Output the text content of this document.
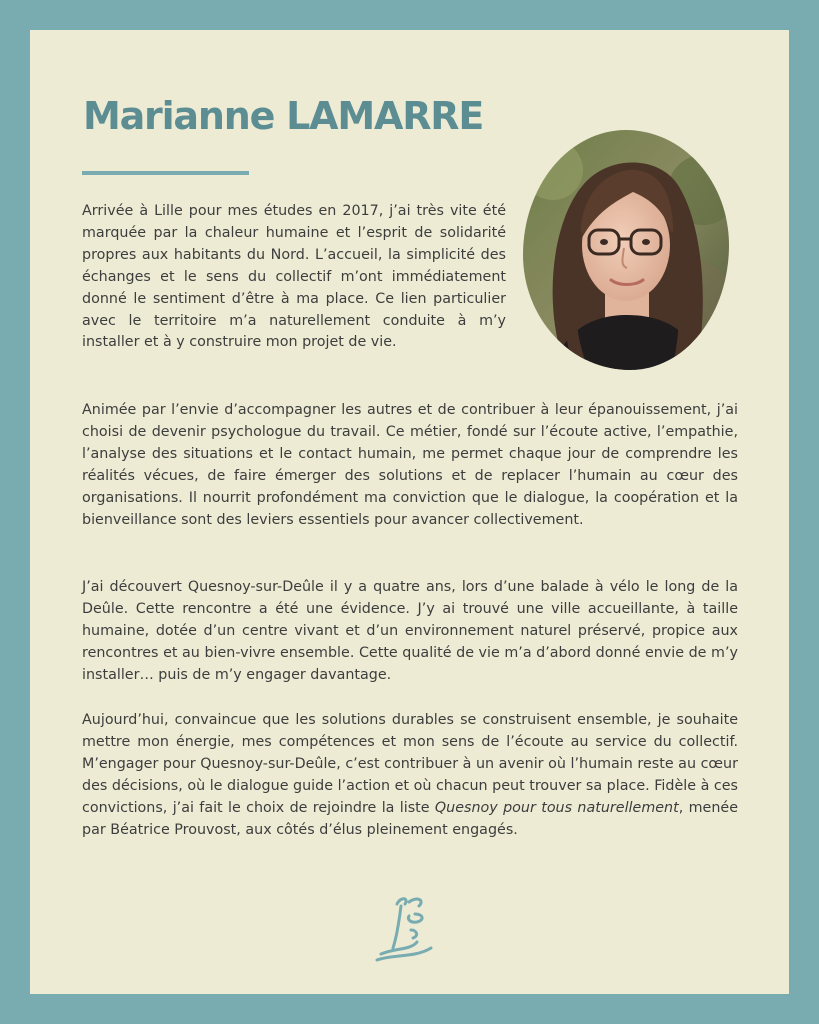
Marianne LAMARRE

Arrivée à Lille pour mes études en 2017, j’ai très vite été marquée par la chaleur humaine et l’esprit de solidarité propres aux habitants du Nord. L’accueil, la simplicité des échanges et le sens du collectif m’ont immédiatement donné le sentiment d’être à ma place. Ce lien particulier avec le territoire m’a naturellement conduite à m’y installer et à y construire mon projet de vie.

Animée par l’envie d’accompagner les autres et de contribuer à leur épanouissement, j’ai choisi de devenir psychologue du travail. Ce métier, fondé sur l’écoute active, l’empathie, l’analyse des situations et le contact humain, me permet chaque jour de comprendre les réalités vécues, de faire émerger des solutions et de replacer l’humain au cœur des organisations. Il nourrit profondément ma conviction que le dialogue, la coopération et la bienveillance sont des leviers essentiels pour avancer collectivement.

J’ai découvert Quesnoy-sur-Deûle il y a quatre ans, lors d’une balade à vélo le long de la Deûle. Cette rencontre a été une évidence. J’y ai trouvé une ville accueillante, à taille humaine, dotée d’un centre vivant et d’un environnement naturel préservé, propice aux rencontres et au bien-vivre ensemble. Cette qualité de vie m’a d’abord donné envie de m’y installer… puis de m’y engager davantage.

Aujourd’hui, convaincue que les solutions durables se construisent ensemble, je souhaite mettre mon énergie, mes compétences et mon sens de l’écoute au service du collectif. M’engager pour Quesnoy-sur-Deûle, c’est contribuer à un avenir où l’humain reste au cœur des décisions, où le dialogue guide l’action et où chacun peut trouver sa place. Fidèle à ces convictions, j’ai fait le choix de rejoindre la liste Quesnoy pour tous naturellement, menée par Béatrice Prouvost, aux côtés d’élus pleinement engagés.
